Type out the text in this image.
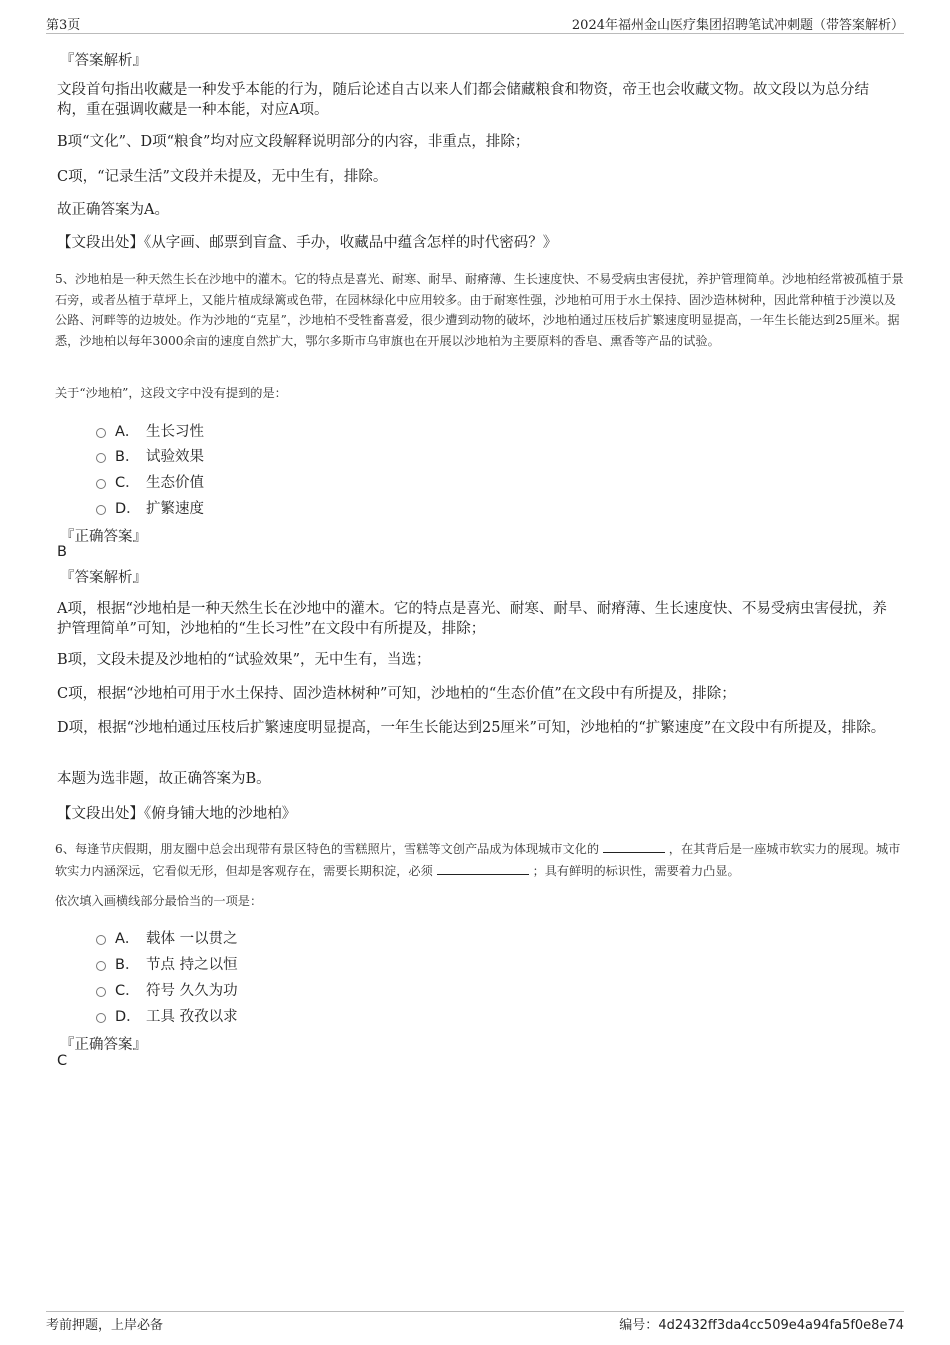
第3页	2024年福州金山医疗集团招聘笔试冲刺题（带答案解析）
『答案解析』
文段首句指出收藏是一种发乎本能的行为，随后论述自古以来人们都会储藏粮食和物资，帝王也会收藏文物。故文段以为总分结构，重在强调收藏是一种本能，对应A项。
B项“文化”、D项“粮食”均对应文段解释说明部分的内容，非重点，排除；
C项，“记录生活”文段并未提及，无中生有，排除。
故正确答案为A。
【文段出处】《从字画、邮票到盲盒、手办，收藏品中蕴含怎样的时代密码？》
5、沙地柏是一种天然生长在沙地中的灌木。它的特点是喜光、耐寒、耐旱、耐瘠薄、生长速度快、不易受病虫害侵扰，养护管理简单。沙地柏经常被孤植于景石旁，或者丛植于草坪上，又能片植成绿篱或色带，在园林绿化中应用较多。由于耐寒性强，沙地柏可用于水土保持、固沙造林树种，因此常种植于沙漠以及公路、河畔等的边坡处。作为沙地的“克星”，沙地柏不受牲畜喜爱，很少遭到动物的破坏，沙地柏通过压枝后扩繁速度明显提高，一年生长能达到25厘米。据悉，沙地柏以每年3000余亩的速度自然扩大，鄂尔多斯市乌审旗也在开展以沙地柏为主要原料的香皂、熏香等产品的试验。
关于“沙地柏”，这段文字中没有提到的是：
A． 生长习性
B． 试验效果
C． 生态价值
D． 扩繁速度
『正确答案』
B
『答案解析』
A项，根据“沙地柏是一种天然生长在沙地中的灌木。它的特点是喜光、耐寒、耐旱、耐瘠薄、生长速度快、不易受病虫害侵扰，养护管理简单”可知，沙地柏的“生长习性”在文段中有所提及，排除；
B项，文段未提及沙地柏的“试验效果”，无中生有，当选；
C项，根据“沙地柏可用于水土保持、固沙造林树种”可知，沙地柏的“生态价值”在文段中有所提及，排除；
D项，根据“沙地柏通过压枝后扩繁速度明显提高，一年生长能达到25厘米”可知，沙地柏的“扩繁速度”在文段中有所提及，排除。
本题为选非题，故正确答案为B。
【文段出处】《俯身铺大地的沙地柏》
6、每逢节庆假期，朋友圈中总会出现带有景区特色的雪糕照片，雪糕等文创产品成为体现城市文化的	，在其背后是一座城市软实力的展现。城市软实力内涵深远，它看似无形，但却是客观存在，需要长期积淀，必须	；具有鲜明的标识性，需要着力凸显。
依次填入画横线部分最恰当的一项是：
A． 载体 一以贯之
B． 节点 持之以恒
C． 符号 久久为功
D． 工具 孜孜以求
『正确答案』
C
考前押题，上岸必备	编号：4d2432ff3da4cc509e4a94fa5f0e8e74
